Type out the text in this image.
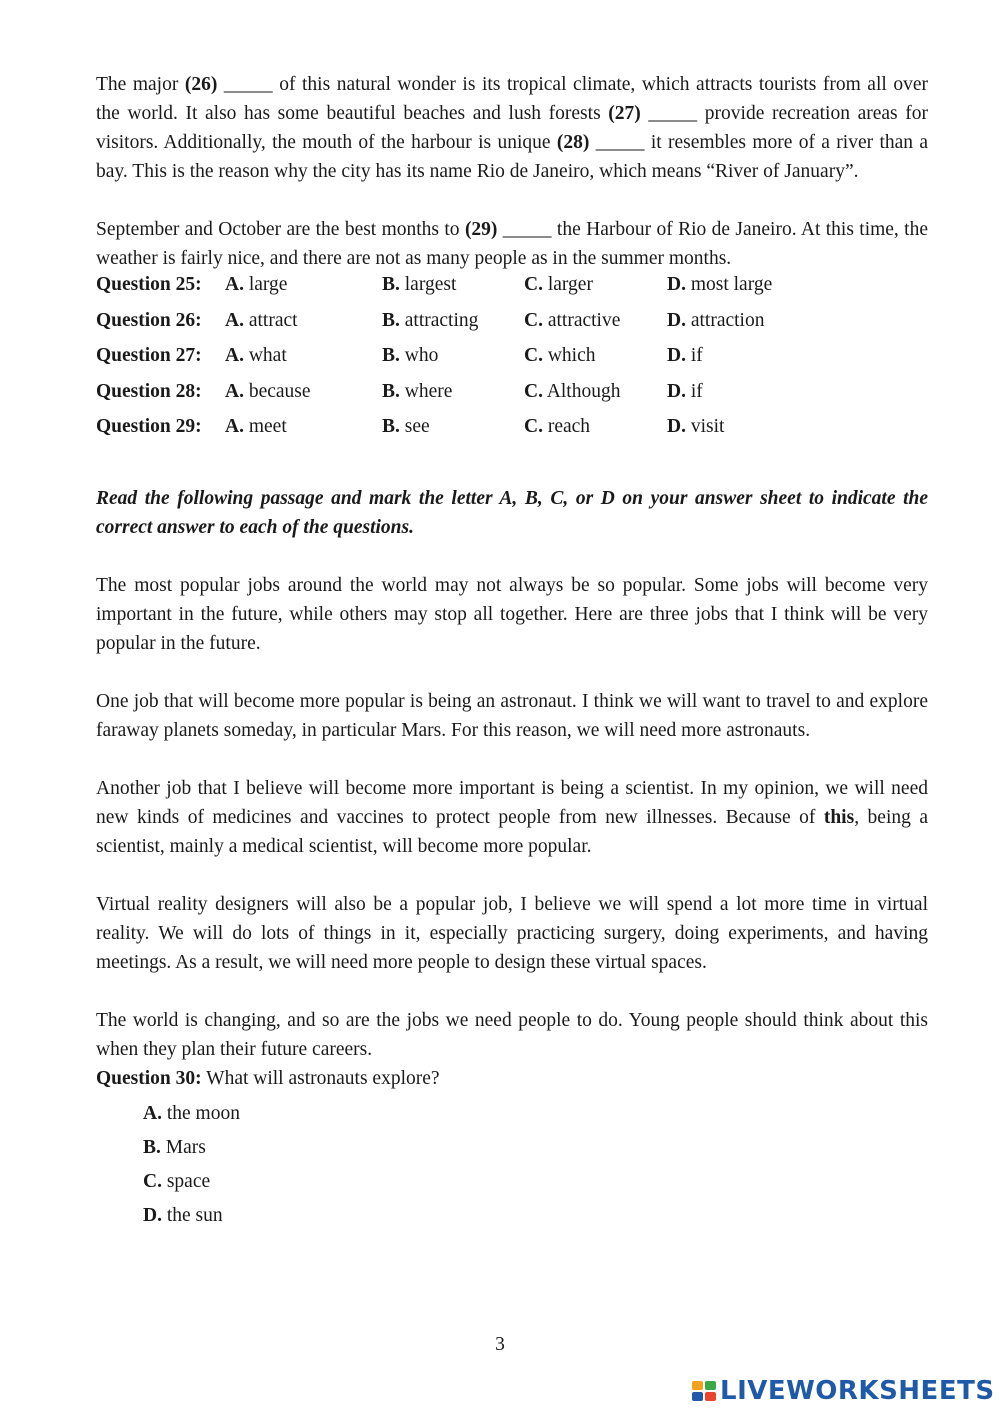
The major (26) _____ of this natural wonder is its tropical climate, which attracts tourists from all over the world. It also has some beautiful beaches and lush forests (27) _____ provide recreation areas for visitors. Additionally, the mouth of the harbour is unique (28) _____ it resembles more of a river than a bay. This is the reason why the city has its name Rio de Janeiro, which means “River of January”.

September and October are the best months to (29) _____ the Harbour of Rio de Janeiro. At this time, the weather is fairly nice, and there are not as many people as in the summer months.

Question 25:	A. large	B. largest	C. larger	D. most large
Question 26:	A. attract	B. attracting	C. attractive	D. attraction
Question 27:	A. what	B. who	C. which	D. if
Question 28:	A. because	B. where	C. Although	D. if
Question 29:	A. meet	B. see	C. reach	D. visit

Read the following passage and mark the letter A, B, C, or D on your answer sheet to indicate the correct answer to each of the questions.

The most popular jobs around the world may not always be so popular. Some jobs will become very important in the future, while others may stop all together. Here are three jobs that I think will be very popular in the future.

One job that will become more popular is being an astronaut. I think we will want to travel to and explore faraway planets someday, in particular Mars. For this reason, we will need more astronauts.

Another job that I believe will become more important is being a scientist. In my opinion, we will need new kinds of medicines and vaccines to protect people from new illnesses. Because of this, being a scientist, mainly a medical scientist, will become more popular.

Virtual reality designers will also be a popular job, I believe we will spend a lot more time in virtual reality. We will do lots of things in it, especially practicing surgery, doing experiments, and having meetings. As a result, we will need more people to design these virtual spaces.

The world is changing, and so are the jobs we need people to do. Young people should think about this when they plan their future careers.

Question 30: What will astronauts explore?

A. the moon
B. Mars
C. space
D. the sun
3
LIVEWORKSHEETS
